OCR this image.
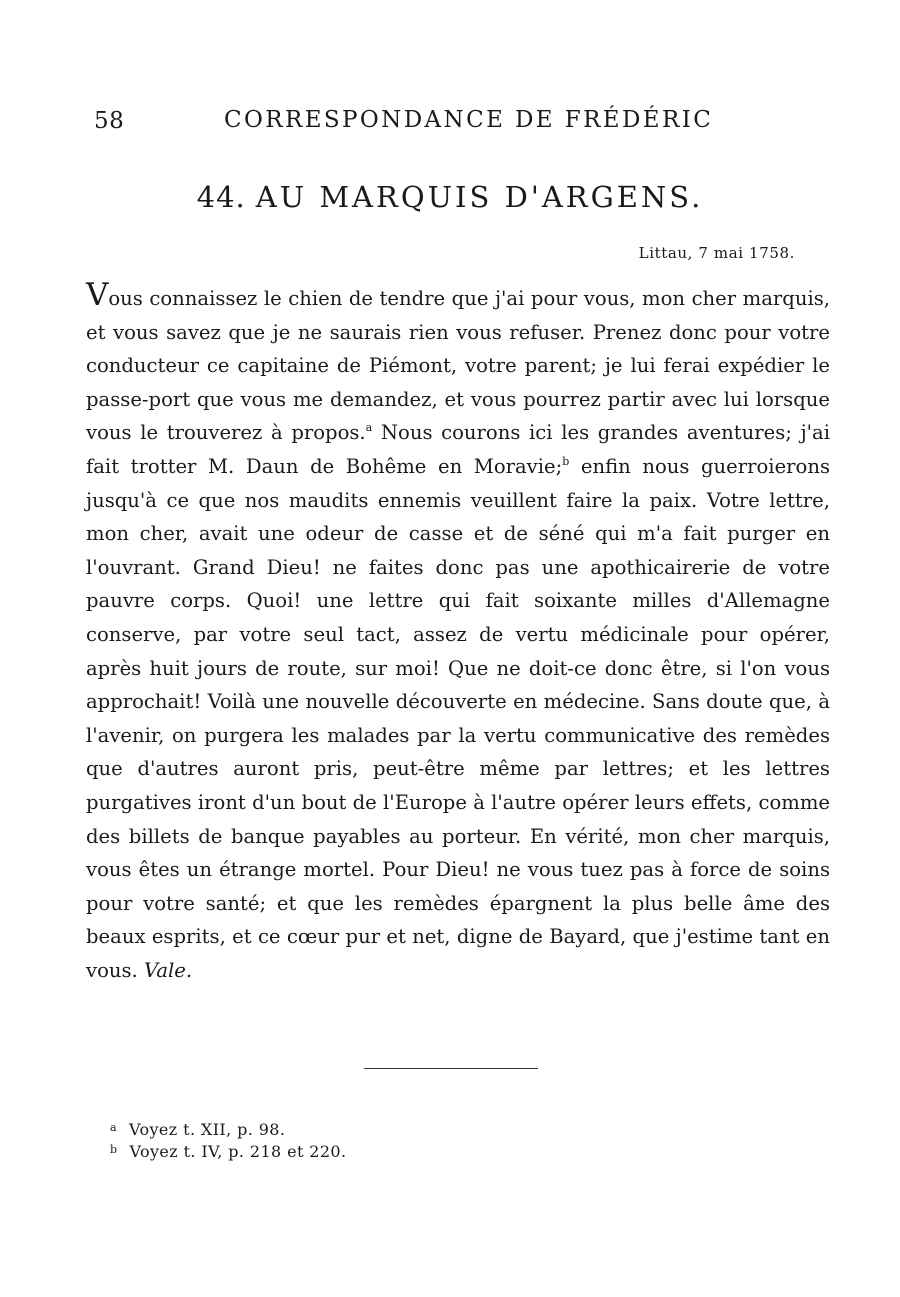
58	CORRESPONDANCE DE FRÉDÉRIC
44. AU MARQUIS D'ARGENS.
Littau, 7 mai 1758.

Vous connaissez le chien de tendre que j'ai pour vous, mon cher marquis, et vous savez que je ne saurais rien vous refuser. Prenez donc pour votre conducteur ce capitaine de Piémont, votre parent; je lui ferai expédier le passe-port que vous me demandez, et vous pourrez partir avec lui lorsque vous le trouverez à propos.$^a$ Nous courons ici les grandes aventures; j'ai fait trotter M. Daun de Bohême en Moravie;$^b$ enfin nous guerroierons jusqu'à ce que nos maudits ennemis veuillent faire la paix. Votre lettre, mon cher, avait une odeur de casse et de séné qui m'a fait purger en l'ouvrant. Grand Dieu! ne faites donc pas une apothicairerie de votre pauvre corps. Quoi! une lettre qui fait soixante milles d'Allemagne conserve, par votre seul tact, assez de vertu médicinale pour opérer, après huit jours de route, sur moi! Que ne doit-ce donc être, si l'on vous approchait! Voilà une nouvelle découverte en médecine. Sans doute que, à l'avenir, on purgera les malades par la vertu communicative des remèdes que d'autres auront pris, peut-être même par lettres; et les lettres purgatives iront d'un bout de l'Europe à l'autre opérer leurs effets, comme des billets de banque payables au porteur. En vérité, mon cher marquis, vous êtes un étrange mortel. Pour Dieu! ne vous tuez pas à force de soins pour votre santé; et que les remèdes épargnent la plus belle âme des beaux esprits, et ce cœur pur et net, digne de Bayard, que j'estime tant en vous. Vale.

$^a$ Voyez t. XII, p. 98.
$^b$ Voyez t. IV, p. 218 et 220.
